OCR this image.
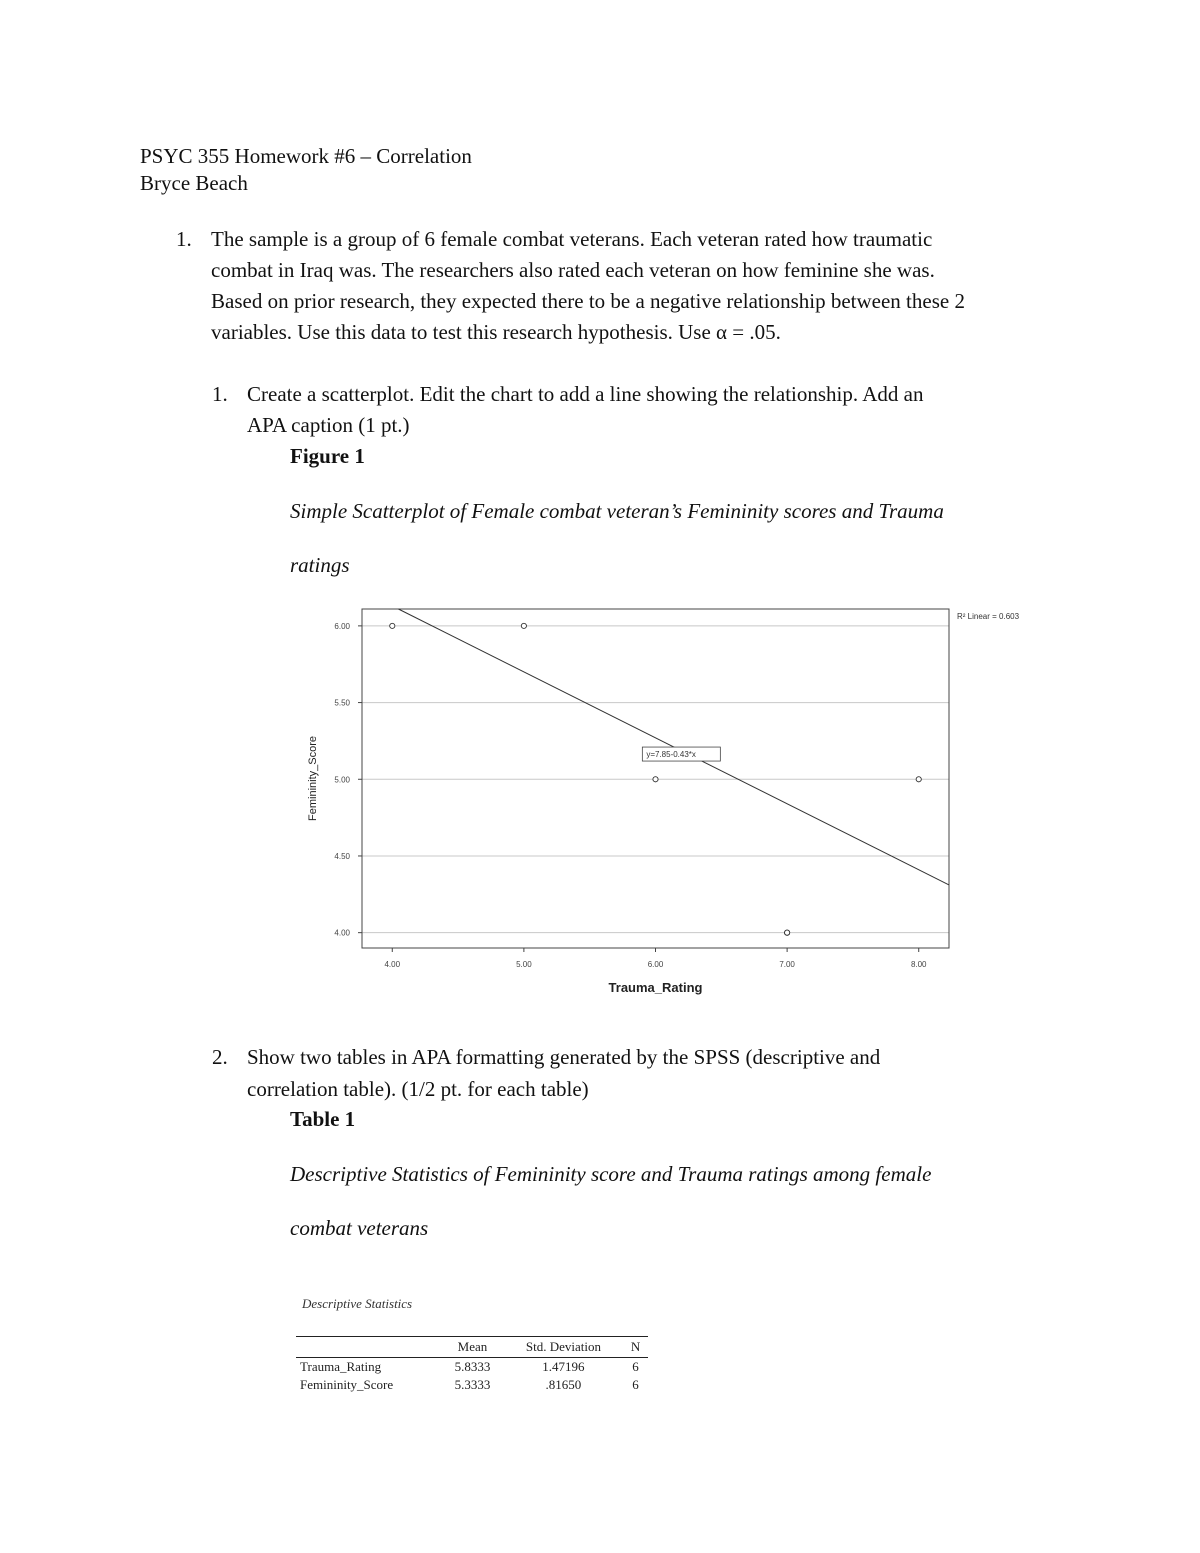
PSYC 355 Homework #6 – Correlation
Bryce Beach
1. The sample is a group of 6 female combat veterans. Each veteran rated how traumatic
combat in Iraq was. The researchers also rated each veteran on how feminine she was.
Based on prior research, they expected there to be a negative relationship between these 2
variables. Use this data to test this research hypothesis. Use α = .05.
1. Create a scatterplot. Edit the chart to add a line showing the relationship. Add an
APA caption (1 pt.)
Figure 1
Simple Scatterplot of Female combat veteran’s Femininity scores and Trauma
ratings
4.00
4.50
5.00
5.50
6.00
4.00	5.00	6.00	7.00	8.00
Trauma_Rating
Femininity_Score	y=7.85-0.43*x
R² Linear = 0.603
2. Show two tables in APA formatting generated by the SPSS (descriptive and
correlation table). (1/2 pt. for each table)
Table 1
Descriptive Statistics of Femininity score and Trauma ratings among female
combat veterans
Descriptive Statistics
	Mean	Std. Deviation	N
Trauma_Rating	5.8333	1.47196	6
Femininity_Score	5.3333	.81650	6
